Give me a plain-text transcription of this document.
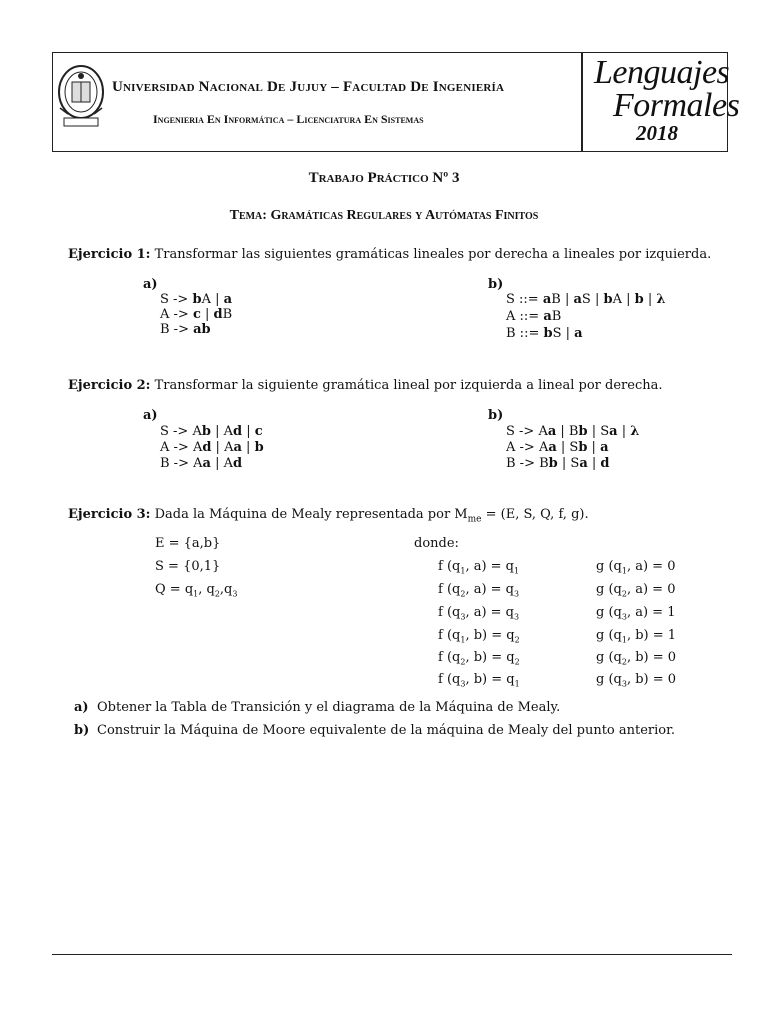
Universidad Nacional De Jujuy – Facultad De Ingeniería
Ingenieria En Informática – Licenciatura En Sistemas
Lenguajes
Formales
2018
Trabajo Práctico Nº 3
Tema: Gramáticas Regulares y Autómatas Finitos
Ejercicio 1: Transformar las siguientes gramáticas lineales por derecha a lineales por izquierda.
a)
S -> bA | a
A -> c | dB
B -> ab
b)
S ::= aB | aS | bA | b | λ
A ::= aB
B ::= bS | a
Ejercicio 2: Transformar la siguiente gramática lineal por izquierda a lineal por derecha.
a)
S -> Ab | Ad | c
A -> Ad | Aa | b
B -> Aa | Ad
b)
S -> Aa | Bb | Sa | λ
A -> Aa | Sb | a
B -> Bb | Sa | d
Ejercicio 3: Dada la Máquina de Mealy representada por $M_{me} = (E$, S, Q, f, g).
E = {a,b}
S = {0,1}
$Q = q_1$, $q_2,q_3$
donde:
f ($q_1$, $a) = q_1$
f ($q_2$, $a) = q_3$
f ($q_3$, $a) = q_3$
f ($q_1$, $b) = q_2$
f ($q_2$, $b) = q_2$
f ($q_3$, $b) = q_1$
g ($q_1$, a) = 0
g ($q_2$, a) = 0
g ($q_3$, a) = 1
g ($q_1$, b) = 1
g ($q_2$, b) = 0
g ($q_3$, b) = 0
a) Obtener la Tabla de Transición y el diagrama de la Máquina de Mealy.
b) Construir la Máquina de Moore equivalente de la máquina de Mealy del punto anterior.
